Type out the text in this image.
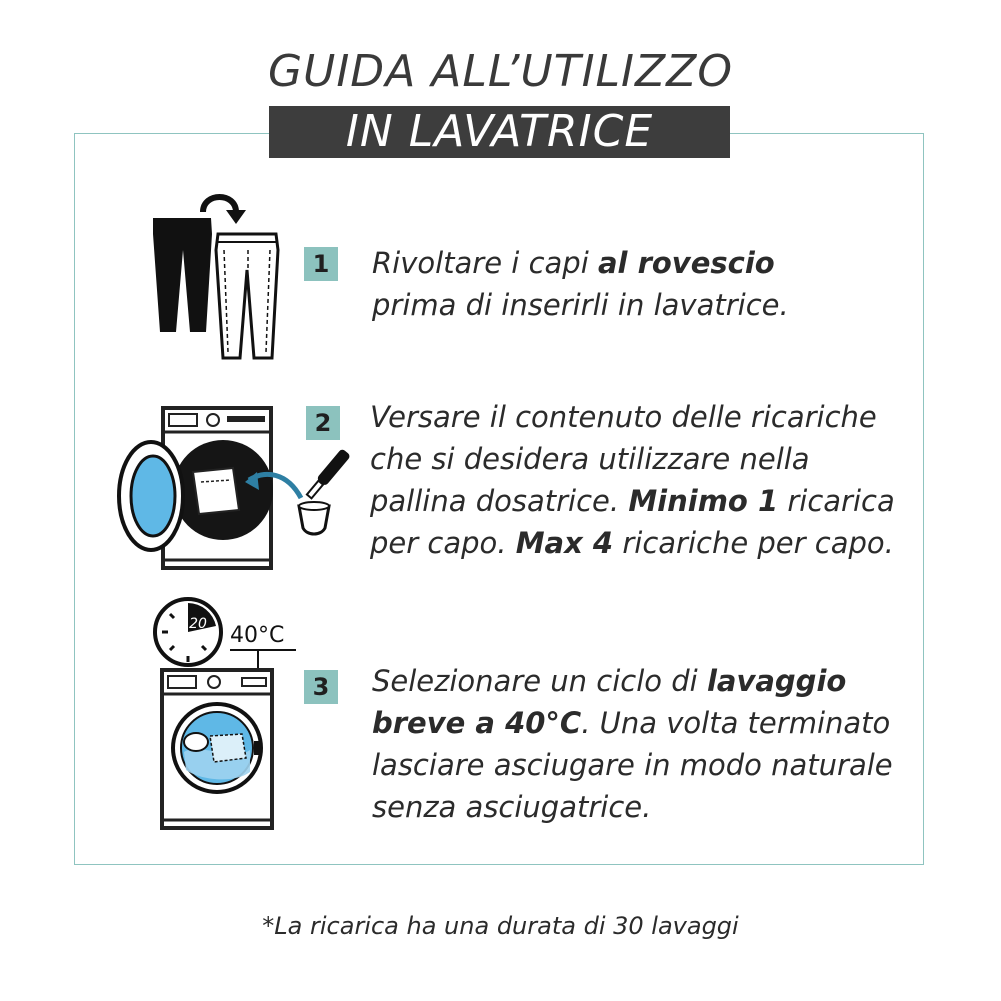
GUIDA ALL’UTILIZZO
IN LAVATRICE
1 Rivoltare i capi al rovescio
prima di inserirli in lavatrice.
2 Versare il contenuto delle ricariche
che si desidera utilizzare nella
pallina dosatrice. Minimo 1 ricarica
per capo. Max 4 ricariche per capo.
20 40°C
3 Selezionare un ciclo di lavaggio
breve a 40°C. Una volta terminato
lasciare asciugare in modo naturale
senza asciugatrice.
*La ricarica ha una durata di 30 lavaggi
